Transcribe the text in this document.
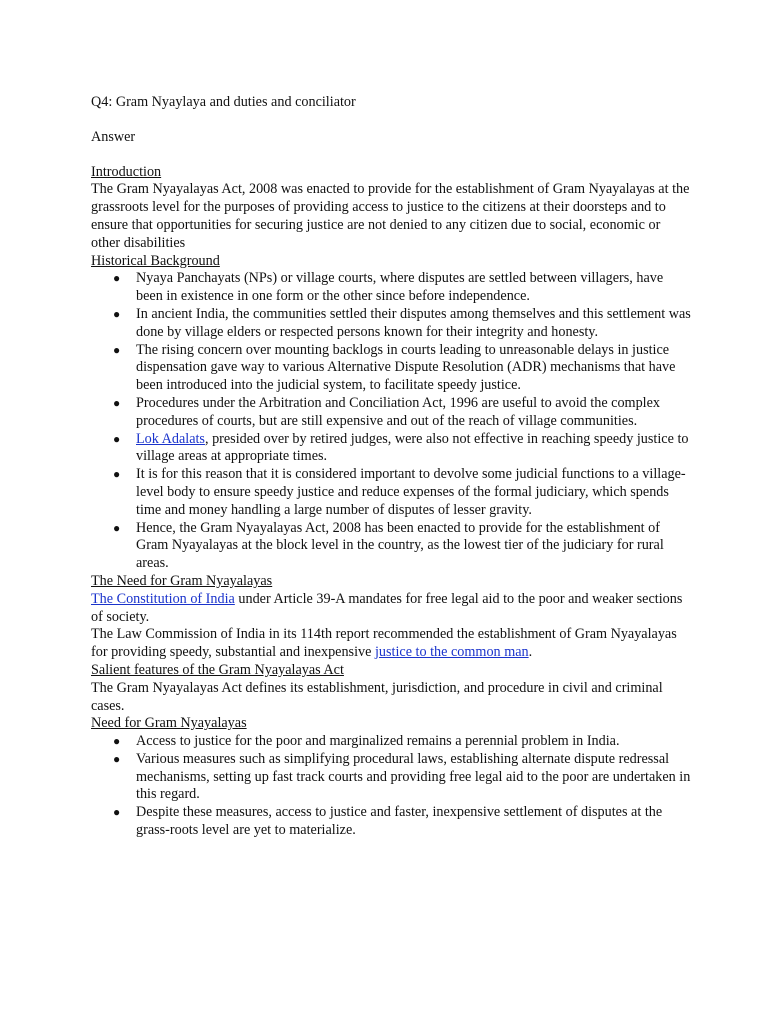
Q4: Gram Nyaylaya and duties and conciliator

Answer

Introduction

The Gram Nyayalayas Act, 2008 was enacted to provide for the establishment of Gram Nyayalayas at the grassroots level for the purposes of providing access to justice to the citizens at their doorsteps and to ensure that opportunities for securing justice are not denied to any citizen due to social, economic or other disabilities

Historical Background

● Nyaya Panchayats (NPs) or village courts, where disputes are settled between villagers, have been in existence in one form or the other since before independence.
● In ancient India, the communities settled their disputes among themselves and this settlement was done by village elders or respected persons known for their integrity and honesty.
● The rising concern over mounting backlogs in courts leading to unreasonable delays in justice dispensation gave way to various Alternative Dispute Resolution (ADR) mechanisms that have been introduced into the judicial system, to facilitate speedy justice.
● Procedures under the Arbitration and Conciliation Act, 1996 are useful to avoid the complex procedures of courts, but are still expensive and out of the reach of village communities.
● Lok Adalats, presided over by retired judges, were also not effective in reaching speedy justice to village areas at appropriate times.
● It is for this reason that it is considered important to devolve some judicial functions to a village-level body to ensure speedy justice and reduce expenses of the formal judiciary, which spends time and money handling a large number of disputes of lesser gravity.
● Hence, the Gram Nyayalayas Act, 2008 has been enacted to provide for the establishment of Gram Nyayalayas at the block level in the country, as the lowest tier of the judiciary for rural areas.

The Need for Gram Nyayalayas

The Constitution of India under Article 39-A mandates for free legal aid to the poor and weaker sections of society.

The Law Commission of India in its 114th report recommended the establishment of Gram Nyayalayas for providing speedy, substantial and inexpensive justice to the common man.

Salient features of the Gram Nyayalayas Act

The Gram Nyayalayas Act defines its establishment, jurisdiction, and procedure in civil and criminal cases.

Need for Gram Nyayalayas

● Access to justice for the poor and marginalized remains a perennial problem in India.
● Various measures such as simplifying procedural laws, establishing alternate dispute redressal mechanisms, setting up fast track courts and providing free legal aid to the poor are undertaken in this regard.
● Despite these measures, access to justice and faster, inexpensive settlement of disputes at the grass-roots level are yet to materialize.
